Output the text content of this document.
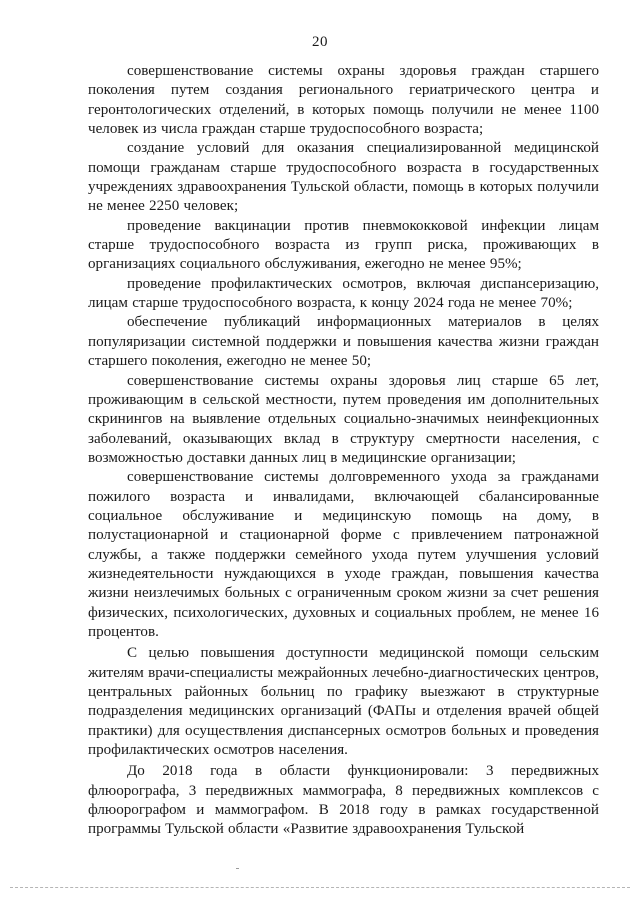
20

совершенствование системы охраны здоровья граждан старшего поколения путем создания регионального гериатрического центра и геронтологических отделений, в которых помощь получили не менее 1100 человек из числа граждан старше трудоспособного возраста;

создание условий для оказания специализированной медицинской помощи гражданам старше трудоспособного возраста в государственных учреждениях здравоохранения Тульской области, помощь в которых получили не менее 2250 человек;

проведение вакцинации против пневмококковой инфекции лицам старше трудоспособного возраста из групп риска, проживающих в организациях социального обслуживания, ежегодно не менее 95%;

проведение профилактических осмотров, включая диспансеризацию, лицам старше трудоспособного возраста, к концу 2024 года не менее 70%;

обеспечение публикаций информационных материалов в целях популяризации системной поддержки и повышения качества жизни граждан старшего поколения, ежегодно не менее 50;

совершенствование системы охраны здоровья лиц старше 65 лет, проживающим в сельской местности, путем проведения им дополнительных скринингов на выявление отдельных социально-значимых неинфекционных заболеваний, оказывающих вклад в структуру смертности населения, с возможностью доставки данных лиц в медицинские организации;

совершенствование системы долговременного ухода за гражданами пожилого возраста и инвалидами, включающей сбалансированные социальное обслуживание и медицинскую помощь на дому, в полустационарной и стационарной форме с привлечением патронажной службы, а также поддержки семейного ухода путем улучшения условий жизнедеятельности нуждающихся в уходе граждан, повышения качества жизни неизлечимых больных с ограниченным сроком жизни за счет решения физических, психологических, духовных и социальных проблем, не менее 16 процентов.

С целью повышения доступности медицинской помощи сельским жителям врачи-специалисты межрайонных лечебно-диагностических центров, центральных районных больниц по графику выезжают в структурные подразделения медицинских организаций (ФАПы и отделения врачей общей практики) для осуществления диспансерных осмотров больных и проведения профилактических осмотров населения.

До 2018 года в области функционировали: 3 передвижных флюорографа, 3 передвижных маммографа, 8 передвижных комплексов с флюорографом и маммографом. В 2018 году в рамках государственной программы Тульской области «Развитие здравоохранения Тульской
